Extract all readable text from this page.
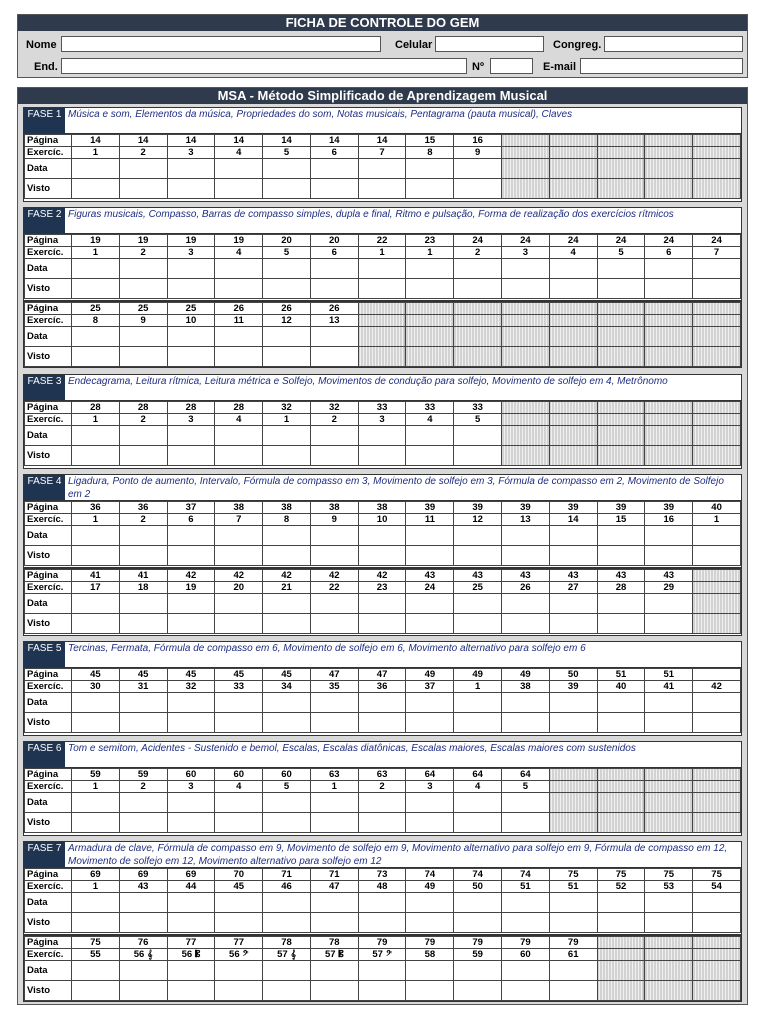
FICHA DE CONTROLE DO GEM
Nome	Celular	Congreg.
End.	Nº	E-mail
MSA - Método Simplificado de Aprendizagem Musical
FASE 1 Música e som, Elementos da música, Propriedades do som, Notas musicais, Pentagrama (pauta musical), Claves
Página	14	14	14	14	14	14	14	15	16					
Exercíc.	1	2	3	4	5	6	7	8	9					
Data														
Visto														
FASE 2 Figuras musicais, Compasso, Barras de compasso simples, dupla e final, Ritmo e pulsação, Forma de realização dos exercícios rítmicos
Página	19	19	19	19	20	20	22	23	24	24	24	24	24	24
Exercíc.	1	2	3	4	5	6	1	1	2	3	4	5	6	7
Data														
Visto														
Página	25	25	25	26	26	26								
Exercíc.	8	9	10	11	12	13								
Data														
Visto														
FASE 3 Endecagrama, Leitura rítmica, Leitura métrica e Solfejo, Movimentos de condução para solfejo, Movimento de solfejo em 4, Metrônomo
Página	28	28	28	28	32	32	33	33	33					
Exercíc.	1	2	3	4	1	2	3	4	5					
Data														
Visto														
FASE 4 Ligadura, Ponto de aumento, Intervalo, Fórmula de compasso em 3, Movimento de solfejo em 3, Fórmula de compasso em 2, Movimento de Solfejo em 2
Página	36	36	37	38	38	38	38	39	39	39	39	39	39	40
Exercíc.	1	2	6	7	8	9	10	11	12	13	14	15	16	1
Data														
Visto														
Página	41	41	42	42	42	42	42	43	43	43	43	43	43	
Exercíc.	17	18	19	20	21	22	23	24	25	26	27	28	29	
Data														
Visto														
FASE 5 Tercinas, Fermata, Fórmula de compasso em 6, Movimento de solfejo em 6, Movimento alternativo para solfejo em 6
Página	45	45	45	45	45	47	47	49	49	49	50	51	51	
Exercíc.	30	31	32	33	34	35	36	37	1	38	39	40	41	42
Data														
Visto														
FASE 6 Tom e semitom, Acidentes - Sustenido e bemol, Escalas, Escalas diatônicas, Escalas maiores, Escalas maiores com sustenidos
Página	59	59	60	60	60	63	63	64	64	64				
Exercíc.	1	2	3	4	5	1	2	3	4	5				
Data														
Visto														
FASE 7 Armadura de clave, Fórmula de compasso em 9, Movimento de solfejo em 9, Movimento alternativo para solfejo em 9, Fórmula de compasso em 12, Movimento de solfejo em 12, Movimento alternativo para solfejo em 12
Página	69	69	69	70	71	71	73	74	74	74	75	75	75	75
Exercíc.	1	43	44	45	46	47	48	49	50	51	51	52	53	54
Data														
Visto														
Página	75	76	77	77	78	78	79	79	79	79	79			
Exercíc.	55	56 𝄞	56 𝄡	56 𝄢	57 𝄞	57 𝄡	57 𝄢	58	59	60	61			
Data														
Visto														
